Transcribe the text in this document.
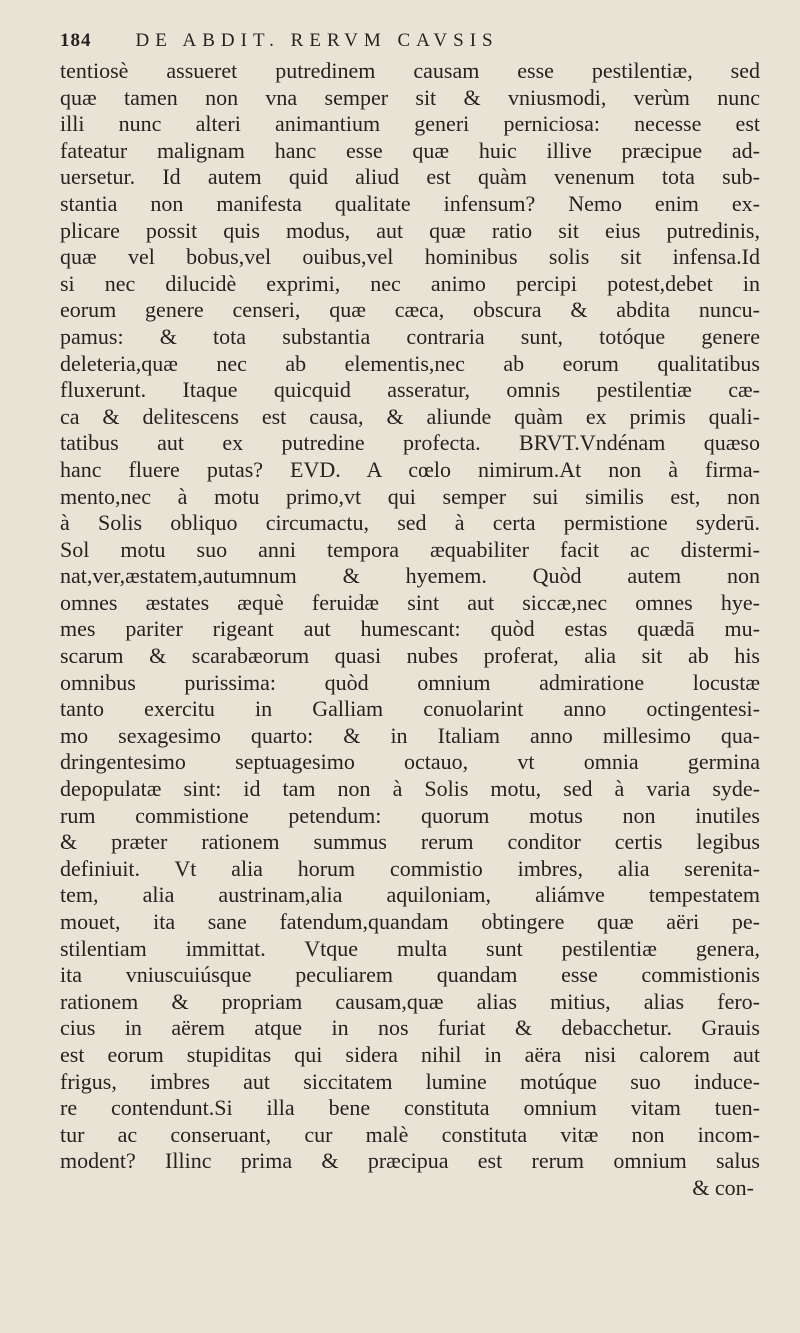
184 DE ABDIT. RERVM CAVSIS
tentiosè assueret putredinem causam esse pestilentiæ, sed
quæ tamen non vna semper sit & vniusmodi, verùm nunc
illi nunc alteri animantium generi perniciosa: necesse est
fateatur malignam hanc esse quæ huic illive præcipue ad-
uersetur. Id autem quid aliud est quàm venenum tota sub-
stantia non manifesta qualitate infensum? Nemo enim ex-
plicare possit quis modus, aut quæ ratio sit eius putredinis,
quæ vel bobus,vel ouibus,vel hominibus solis sit infensa.Id
si nec dilucidè exprimi, nec animo percipi potest,debet in
eorum genere censeri, quæ cæca, obscura & abdita nuncu-
pamus: & tota substantia contraria sunt, totóque genere
deleteria,quæ nec ab elementis,nec ab eorum qualitatibus
fluxerunt. Itaque quicquid asseratur, omnis pestilentiæ cæ-
ca & delitescens est causa, & aliunde quàm ex primis quali-
tatibus aut ex putredine profecta. BRVT.Vndénam quæso
hanc fluere putas? EVD. A cœlo nimirum.At non à firma-
mento,nec à motu primo,vt qui semper sui similis est, non
à Solis obliquo circumactu, sed à certa permistione syderū.
Sol motu suo anni tempora æquabiliter facit ac distermi-
nat,ver,æstatem,autumnum & hyemem. Quòd autem non
omnes æstates æquè feruidæ sint aut siccæ,nec omnes hye-
mes pariter rigeant aut humescant: quòd estas quædā mu-
scarum & scarabæorum quasi nubes proferat, alia sit ab his
omnibus purissima: quòd omnium admiratione locustæ
tanto exercitu in Galliam conuolarint anno octingentesi-
mo sexagesimo quarto: & in Italiam anno millesimo qua-
dringentesimo septuagesimo octauo, vt omnia germina
depopulatæ sint: id tam non à Solis motu, sed à varia syde-
rum commistione petendum: quorum motus non inutiles
& præter rationem summus rerum conditor certis legibus
definiuit. Vt alia horum commistio imbres, alia serenita-
tem, alia austrinam,alia aquiloniam, aliámve tempestatem
mouet, ita sane fatendum,quandam obtingere quæ aëri pe-
stilentiam immittat. Vtque multa sunt pestilentiæ genera,
ita vniuscuiúsque peculiarem quandam esse commistionis
rationem & propriam causam,quæ alias mitius, alias fero-
cius in aërem atque in nos furiat & debacchetur. Grauis
est eorum stupiditas qui sidera nihil in aëra nisi calorem aut
frigus, imbres aut siccitatem lumine motúque suo induce-
re contendunt.Si illa bene constituta omnium vitam tuen-
tur ac conseruant, cur malè constituta vitæ non incom-
modent? Illinc prima & præcipua est rerum omnium salus
& con-
